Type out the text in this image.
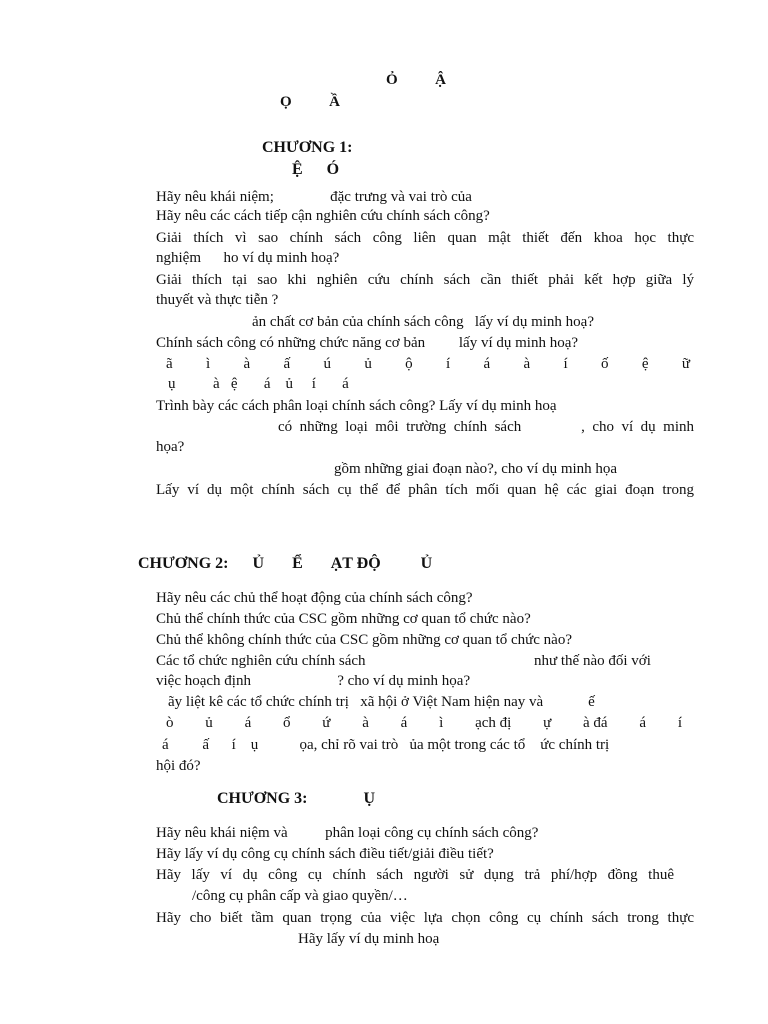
Ỏ          Ậ
Ọ          Ầ
CHƯƠNG 1:
Ệ      Ó
Hãy nêu khái niệm;               đặc trưng và vai trò của
Hãy nêu các cách tiếp cận nghiên cứu chính sách công?
Giải thích vì sao chính sách công liên quan mật thiết đến khoa học thực
nghiệm      ho ví dụ minh hoạ?
Giải thích tại sao khi nghiên cứu chính sách cần thiết phải kết hợp giữa lý
thuyết và thực tiễn ?
ản chất cơ bản của chính sách công   lấy ví dụ minh hoạ?
Chính sách công có những chức năng cơ bản         lấy ví dụ minh hoạ?
ã ì à ấ ú ủ ộ í á à í ố ệ ữ
ụ          à   ệ       á    ủ     í       á
Trình bày các cách phân loại chính sách công? Lấy ví dụ minh hoạ
có những loại môi trường chính sách        , cho ví dụ minh
họa?
gồm những giai đoạn nào?, cho ví dụ minh họa
Lấy ví dụ một chính sách cụ thể để phân tích mối quan hệ các giai đoạn trong
CHƯƠNG 2:      Ủ       Ể       ẠT ĐỘ          Ủ
Hãy nêu các chủ thể hoạt động của chính sách công?
Chủ thể chính thức của CSC gồm những cơ quan tổ chức nào?
Chủ thể không chính thức của CSC gồm những cơ quan tổ chức nào?
Các tổ chức nghiên cứu chính sách	như thế nào đối với
việc hoạch định                       ? cho ví dụ minh họa?
ãy liệt kê các tổ chức chính trị   xã hội ở Việt Nam hiện nay và            ế
ò ủ á ổ ứ à á ì ạch đị ự à đá á í
á         ấ      í    ụ           ọa, chỉ rõ vai trò   ủa một trong các tổ    ức chính trị
hội đó?
CHƯƠNG 3:              Ụ
Hãy nêu khái niệm và          phân loại công cụ chính sách công?
Hãy lấy ví dụ công cụ chính sách điều tiết/giải điều tiết?
Hãy lấy ví dụ công cụ chính sách người sử dụng trả phí/hợp đồng thuê
/công cụ phân cấp và giao quyền/…
Hãy cho biết tầm quan trọng của việc lựa chọn công cụ chính sách trong thực
Hãy lấy ví dụ minh hoạ
